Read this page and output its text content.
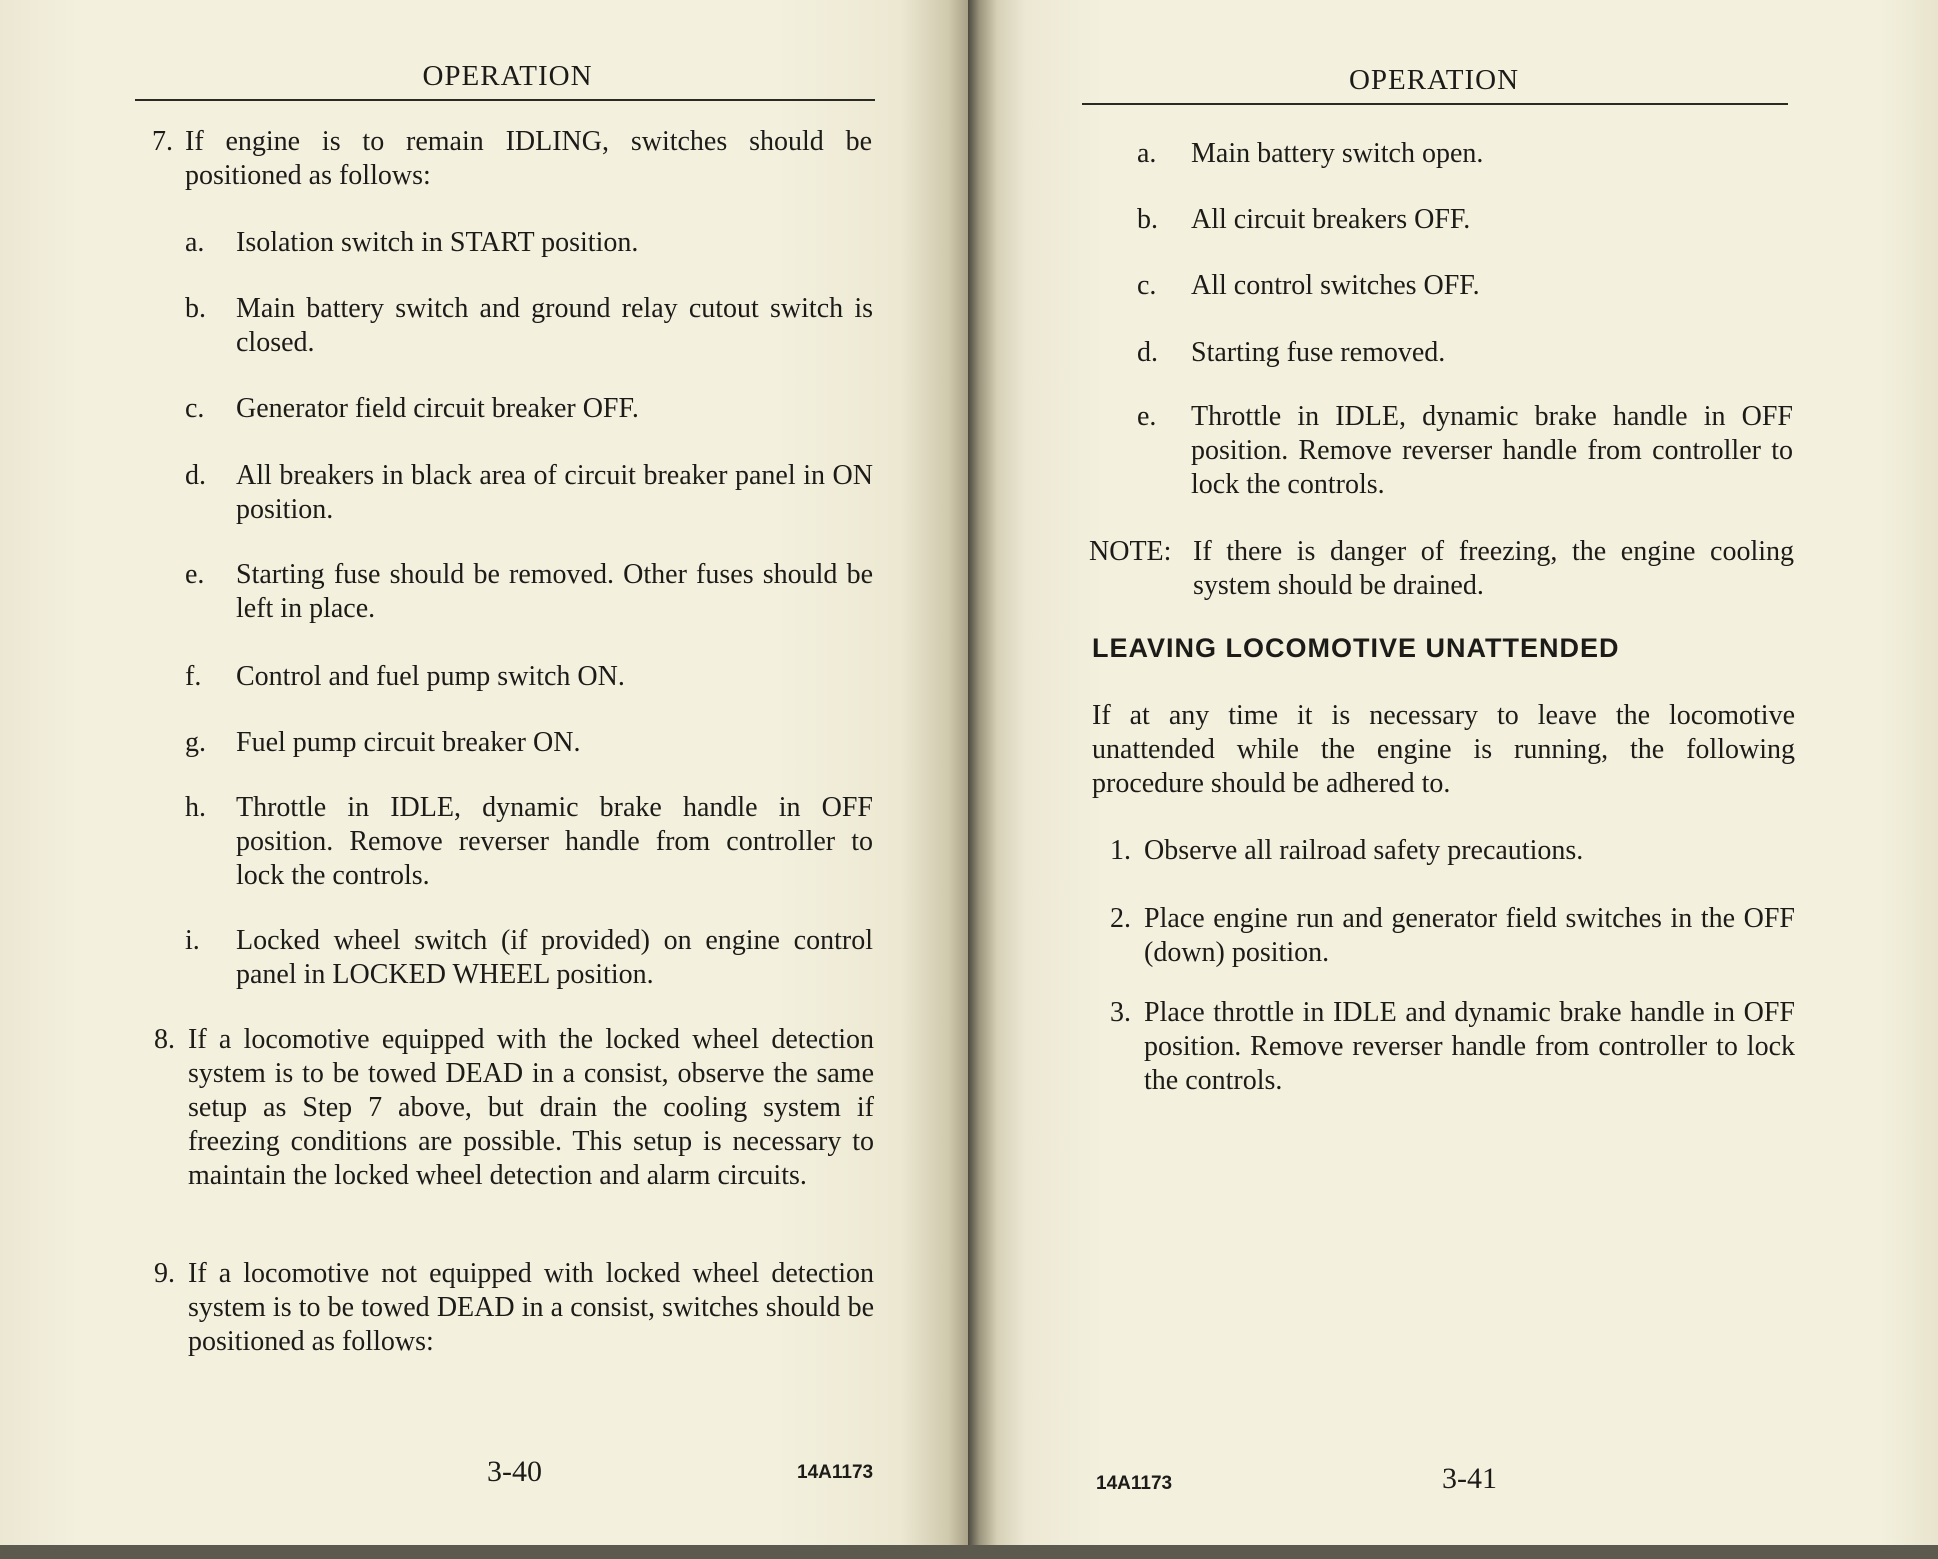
OPERATION
7. If engine is to remain IDLING, switches should be positioned as follows:
a. Isolation switch in START position.
b. Main battery switch and ground relay cutout switch is closed.
c. Generator field circuit breaker OFF.
d. All breakers in black area of circuit breaker panel in ON position.
e. Starting fuse should be removed. Other fuses should be left in place.
f. Control and fuel pump switch ON.
g. Fuel pump circuit breaker ON.
h. Throttle in IDLE, dynamic brake handle in OFF position. Remove reverser handle from controller to lock the controls.
i. Locked wheel switch (if provided) on engine control panel in LOCKED WHEEL position.
8. If a locomotive equipped with the locked wheel detection system is to be towed DEAD in a consist, observe the same setup as Step 7 above, but drain the cooling system if freezing conditions are possible. This setup is necessary to maintain the locked wheel detection and alarm circuits.
9. If a locomotive not equipped with locked wheel detection system is to be towed DEAD in a consist, switches should be positioned as follows:
3-40	14A1173
OPERATION
a. Main battery switch open.
b. All circuit breakers OFF.
c. All control switches OFF.
d. Starting fuse removed.
e. Throttle in IDLE, dynamic brake handle in OFF position. Remove reverser handle from controller to lock the controls.
NOTE: If there is danger of freezing, the engine cooling system should be drained.
LEAVING LOCOMOTIVE UNATTENDED
If at any time it is necessary to leave the locomotive unattended while the engine is running, the following procedure should be adhered to.
1. Observe all railroad safety precautions.
2. Place engine run and generator field switches in the OFF (down) position.
3. Place throttle in IDLE and dynamic brake handle in OFF position. Remove reverser handle from controller to lock the controls.
14A1173	3-41
